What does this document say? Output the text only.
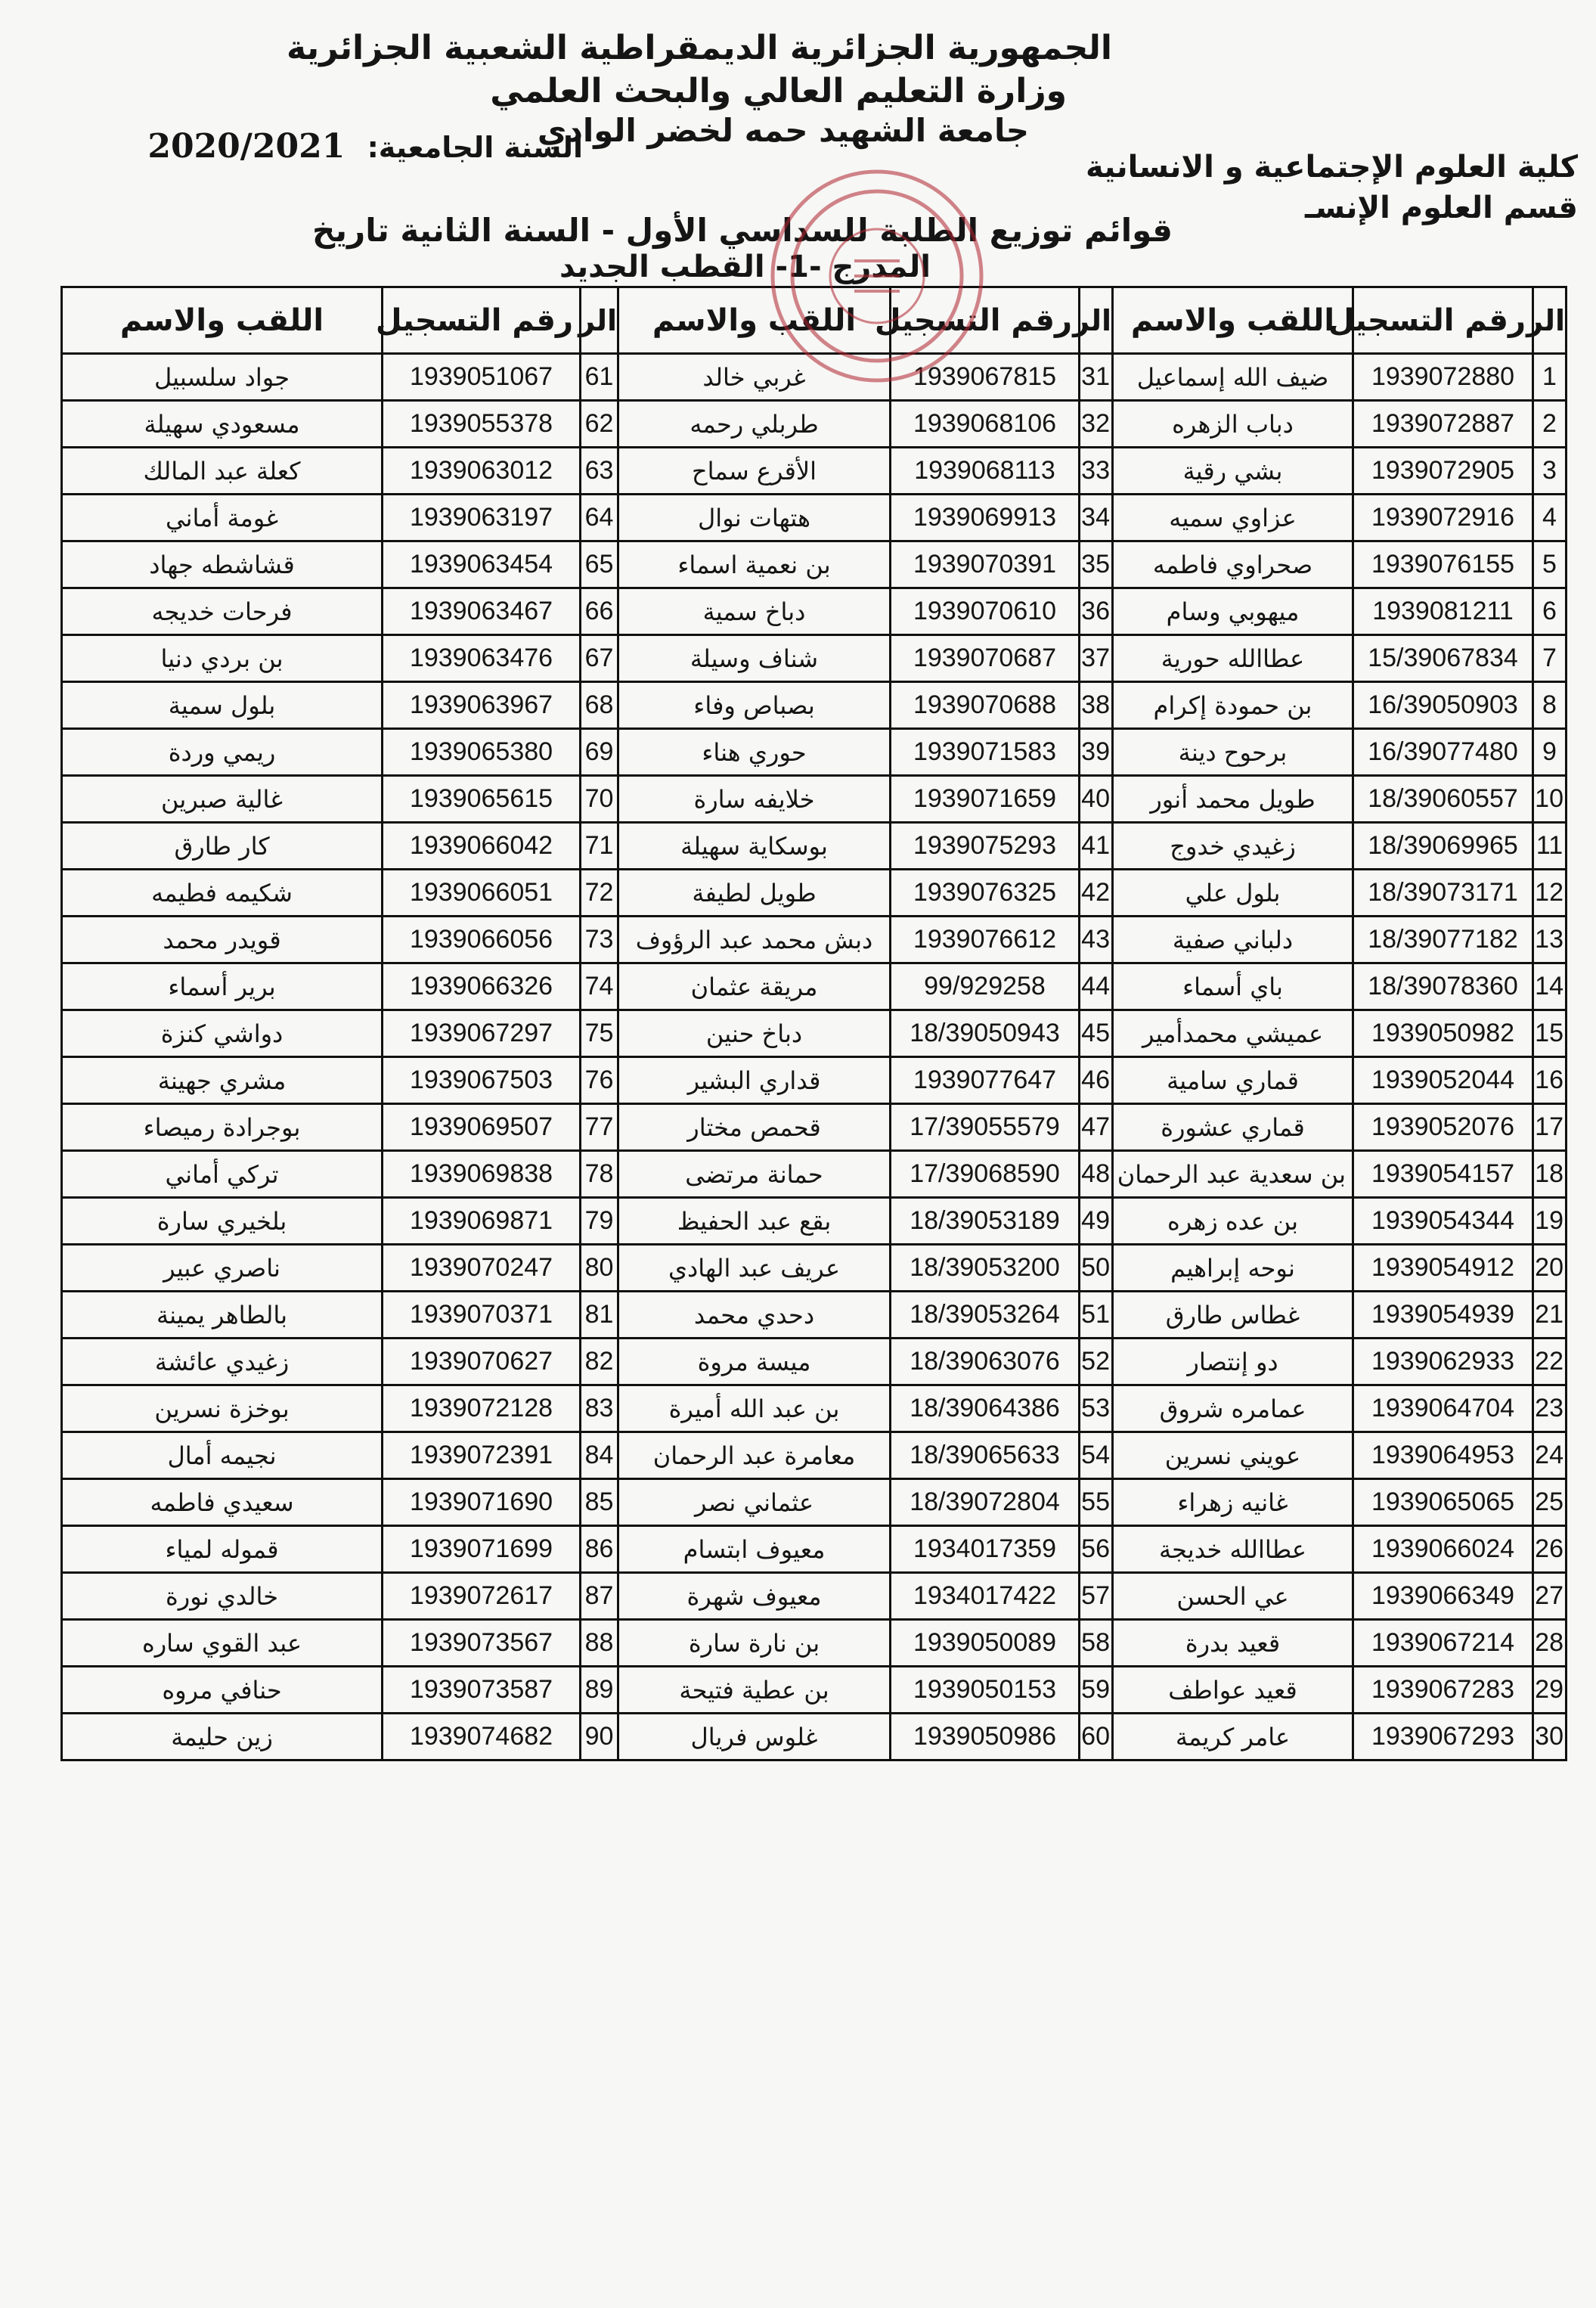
الجمهورية الجزائرية الديمقراطية الشعبية الجزائرية
وزارة التعليم العالي والبحث العلمي
جامعة الشهيد حمه لخضر الوادي
السنة الجامعية: 2020/2021
كلية العلوم الإجتماعية و الانسانية
قسم العلوم الإنسـ
قوائم توزيع الطلبة للسداسي الأول - السنة الثانية تاريخ
المدرج -1- القطب الجديد
الر	رقم التسجيل	اللقب والاسم	الر	رقم التسجيل	اللقب والاسم	الر	رقم التسجيل	اللقب والاسم
1	1939072880	ضيف الله إسماعيل	31	1939067815	غربي خالد	61	1939051067	جواد سلسبيل
2	1939072887	دباب الزهره	32	1939068106	طربلي رحمه	62	1939055378	مسعودي سهيلة
3	1939072905	بشي رقية	33	1939068113	الأقرع سماح	63	1939063012	كعلة عبد المالك
4	1939072916	عزاوي سميه	34	1939069913	هتهات نوال	64	1939063197	غومة أماني
5	1939076155	صحراوي فاطمه	35	1939070391	بن نعمية اسماء	65	1939063454	قشاشطه جهاد
6	1939081211	ميهوبي وسام	36	1939070610	دباخ سمية	66	1939063467	فرحات خديجه
7	15/39067834	عطاالله حورية	37	1939070687	شناف وسيلة	67	1939063476	بن بردي دنيا
8	16/39050903	بن حمودة إكرام	38	1939070688	بصباص وفاء	68	1939063967	بلول سمية
9	16/39077480	برحوح دينة	39	1939071583	حوري هناء	69	1939065380	ريمي وردة
10	18/39060557	طويل محمد أنور	40	1939071659	خلايفه سارة	70	1939065615	غالية صبرين
11	18/39069965	زغيدي خدوج	41	1939075293	بوسكاية سهيلة	71	1939066042	كار طارق
12	18/39073171	بلول علي	42	1939076325	طويل لطيفة	72	1939066051	شكيمه فطيمه
13	18/39077182	دلباني صفية	43	1939076612	دبش محمد عبد الرؤوف	73	1939066056	قويدر محمد
14	18/39078360	باي أسماء	44	99/929258	مريقة عثمان	74	1939066326	برير أسماء
15	1939050982	عميشي محمدأمير	45	18/39050943	دباخ حنين	75	1939067297	دواشي كنزة
16	1939052044	قماري سامية	46	1939077647	قداري البشير	76	1939067503	مشري جهينة
17	1939052076	قماري عشورة	47	17/39055579	قحمص مختار	77	1939069507	بوجرادة رميصاء
18	1939054157	بن سعدية عبد الرحمان	48	17/39068590	حمانة مرتضى	78	1939069838	تركي أماني
19	1939054344	بن عده زهره	49	18/39053189	بقع عبد الحفيظ	79	1939069871	بلخيري سارة
20	1939054912	نوحه إبراهيم	50	18/39053200	عريف عبد الهادي	80	1939070247	ناصري عبير
21	1939054939	غطاس طارق	51	18/39053264	دحدي محمد	81	1939070371	بالطاهر يمينة
22	1939062933	دو إنتصار	52	18/39063076	ميسة مروة	82	1939070627	زغيدي عائشة
23	1939064704	عمامره شروق	53	18/39064386	بن عبد الله أميرة	83	1939072128	بوخزة نسرين
24	1939064953	عويني نسرين	54	18/39065633	معامرة عبد الرحمان	84	1939072391	نجيمه أمال
25	1939065065	غانيه زهراء	55	18/39072804	عثماني نصر	85	1939071690	سعيدي فاطمه
26	1939066024	عطاالله خديجة	56	1934017359	معيوف ابتسام	86	1939071699	قموله لمياء
27	1939066349	عي الحسن	57	1934017422	معيوف شهرة	87	1939072617	خالدي نورة
28	1939067214	قعيد بدرة	58	1939050089	بن نارة سارة	88	1939073567	عبد القوي ساره
29	1939067283	قعيد عواطف	59	1939050153	بن عطية فتيحة	89	1939073587	حنافي مروه
30	1939067293	عامر كريمة	60	1939050986	غلوس فريال	90	1939074682	زين حليمة
